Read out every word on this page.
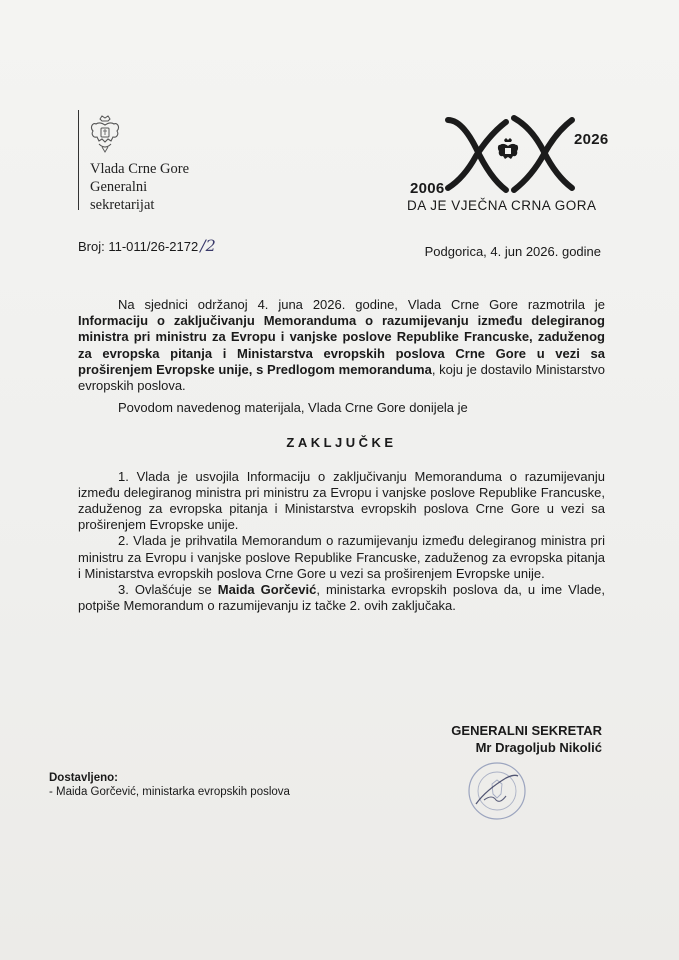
Vlada Crne Gore
Generalni
sekretarijat
2026
2006
DA JE VJEČNA CRNA GORA
Broj: 11-011/26-2172 /2	Podgorica, 4. jun 2026. godine

Na sjednici održanoj 4. juna 2026. godine, Vlada Crne Gore razmotrila je Informaciju o zaključivanju Memoranduma o razumijevanju između delegiranog ministra pri ministru za Evropu i vanjske poslove Republike Francuske, zaduženog za evropska pitanja i Ministarstva evropskih poslova Crne Gore u vezi sa proširenjem Evropske unije, s Predlogom memoranduma, koju je dostavilo Ministarstvo evropskih poslova.

Povodom navedenog materijala, Vlada Crne Gore donijela je

ZAKLJUČKE

1. Vlada je usvojila Informaciju o zaključivanju Memoranduma o razumijevanju između delegiranog ministra pri ministru za Evropu i vanjske poslove Republike Francuske, zaduženog za evropska pitanja i Ministarstva evropskih poslova Crne Gore u vezi sa proširenjem Evropske unije.

2. Vlada je prihvatila Memorandum o razumijevanju između delegiranog ministra pri ministru za Evropu i vanjske poslove Republike Francuske, zaduženog za evropska pitanja i Ministarstva evropskih poslova Crne Gore u vezi sa proširenjem Evropske unije.

3. Ovlašćuje se Maida Gorčević, ministarka evropskih poslova da, u ime Vlade, potpiše Memorandum o razumijevanju iz tačke 2. ovih zaključaka.

GENERALNI SEKRETAR
Mr Dragoljub Nikolić
Dostavljeno:
- Maida Gorčević, ministarka evropskih poslova
